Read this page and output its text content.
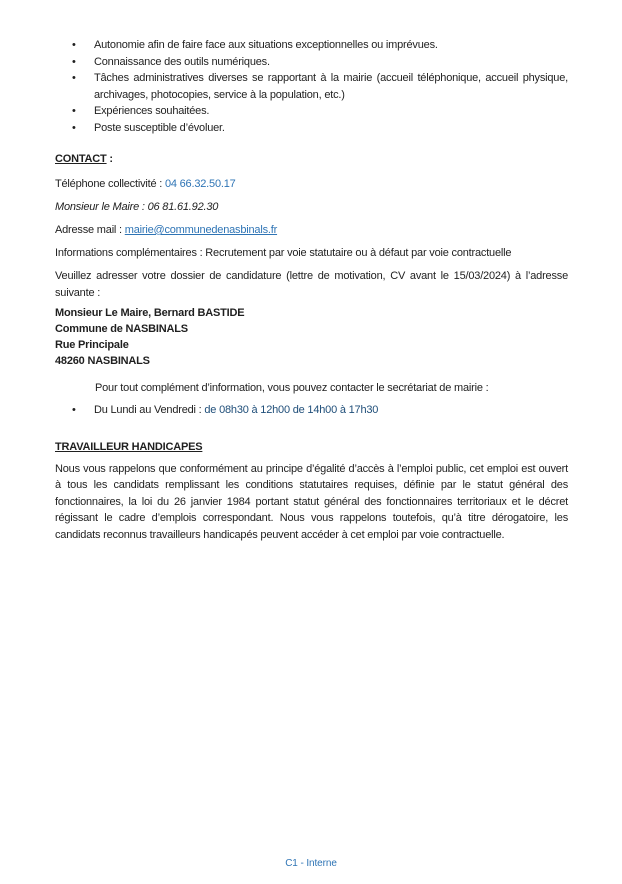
• Autonomie afin de faire face aux situations exceptionnelles ou imprévues.
• Connaissance des outils numériques.
• Tâches administratives diverses se rapportant à la mairie (accueil téléphonique, accueil physique, archivages, photocopies, service à la population, etc.)
• Expériences souhaitées.
• Poste susceptible d’évoluer.

CONTACT :

Téléphone collectivité : 04 66.32.50.17

Monsieur le Maire : 06 81.61.92.30

Adresse mail : mairie@communedenasbinals.fr

Informations complémentaires : Recrutement par voie statutaire ou à défaut par voie contractuelle

Veuillez adresser votre dossier de candidature (lettre de motivation, CV avant le 15/03/2024) à l’adresse suivante :

Monsieur Le Maire, Bernard BASTIDE

Commune de NASBINALS

Rue Principale

48260 NASBINALS

Pour tout complément d’information, vous pouvez contacter le secrétariat de mairie :

• Du Lundi au Vendredi : de 08h30 à 12h00 de 14h00 à 17h30

TRAVAILLEUR HANDICAPES

Nous vous rappelons que conformément au principe d’égalité d’accès à l’emploi public, cet emploi est ouvert à tous les candidats remplissant les conditions statutaires requises, définie par le statut général des fonctionnaires, la loi du 26 janvier 1984 portant statut général des fonctionnaires territoriaux et le décret régissant le cadre d’emplois correspondant. Nous vous rappelons toutefois, qu’à titre dérogatoire, les candidats reconnus travailleurs handicapés peuvent accéder à cet emploi par voie contractuelle.

C1 - Interne
